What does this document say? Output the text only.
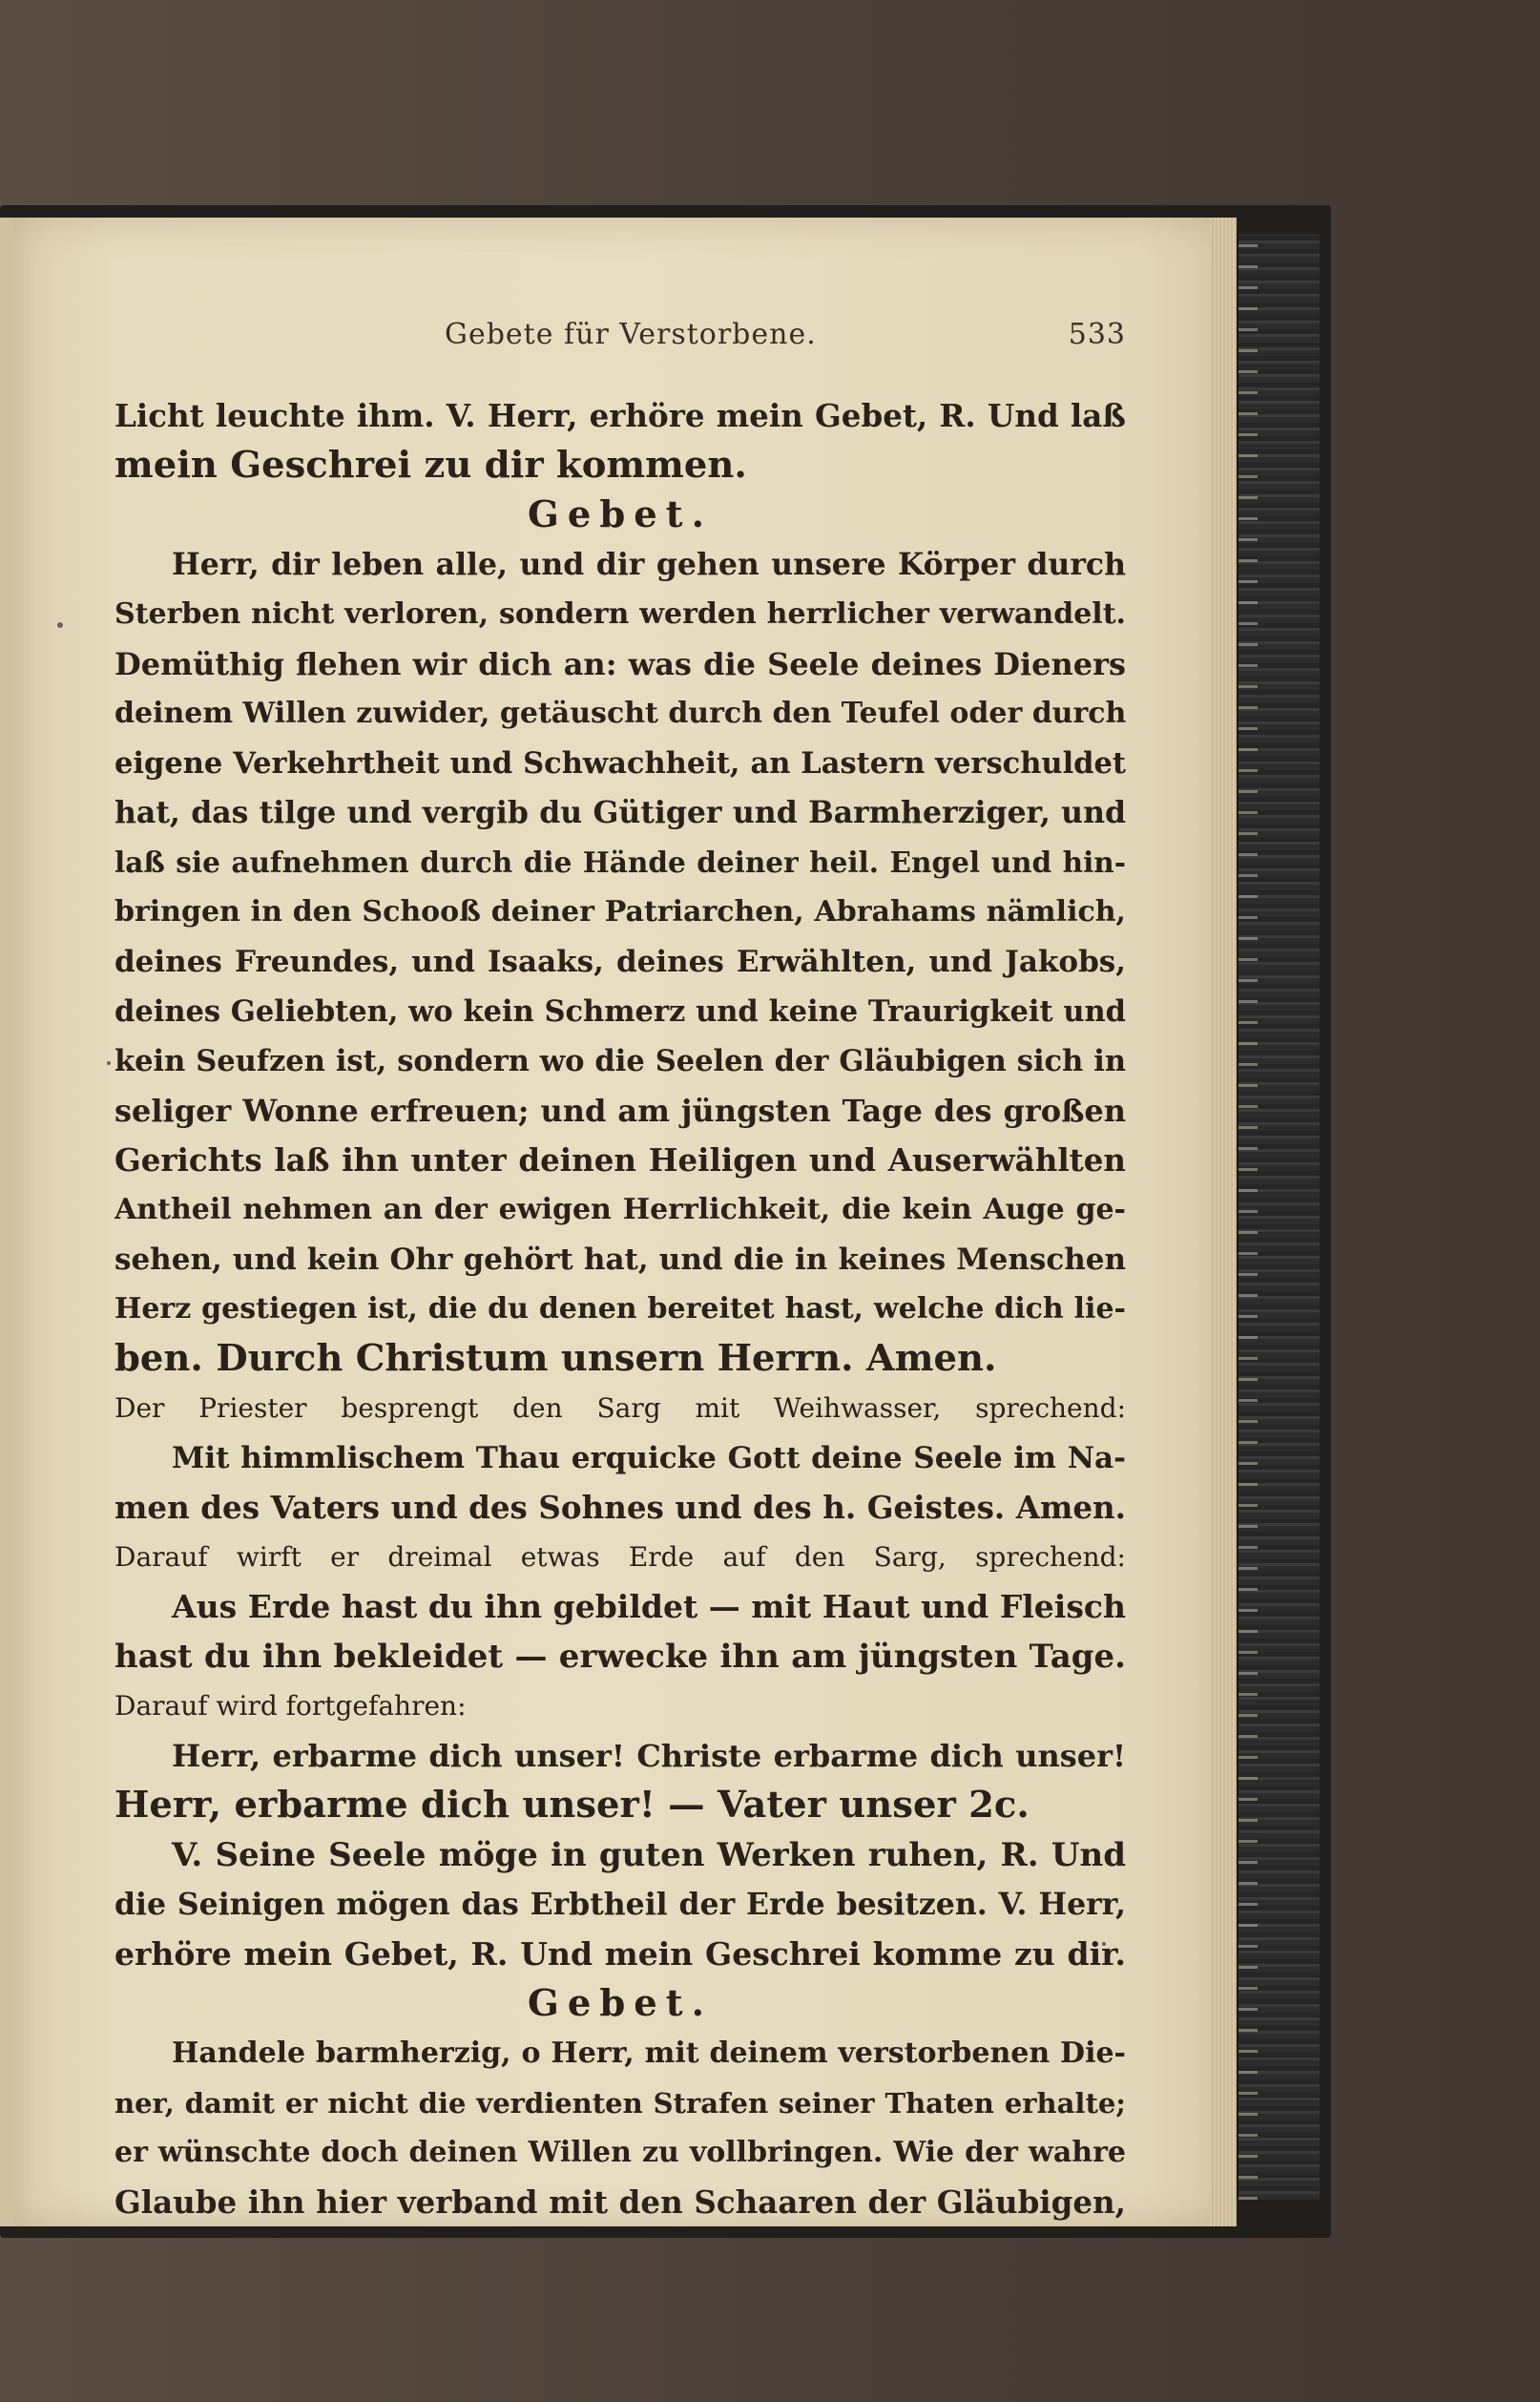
Gebete für Verstorbene.	533
Licht leuchte ihm. V. Herr, erhöre mein Gebet, R. Und laß
mein Geschrei zu dir kommen.
Gebet.
Herr, dir leben alle, und dir gehen unsere Körper durch
Sterben nicht verloren, sondern werden herrlicher verwandelt.
Demüthig flehen wir dich an: was die Seele deines Dieners
deinem Willen zuwider, getäuscht durch den Teufel oder durch
eigene Verkehrtheit und Schwachheit, an Lastern verschuldet
hat, das tilge und vergib du Gütiger und Barmherziger, und
laß sie aufnehmen durch die Hände deiner heil. Engel und hin-
bringen in den Schooß deiner Patriarchen, Abrahams nämlich,
deines Freundes, und Isaaks, deines Erwählten, und Jakobs,
deines Geliebten, wo kein Schmerz und keine Traurigkeit und
kein Seufzen ist, sondern wo die Seelen der Gläubigen sich in
seliger Wonne erfreuen; und am jüngsten Tage des großen
Gerichts laß ihn unter deinen Heiligen und Auserwählten
Antheil nehmen an der ewigen Herrlichkeit, die kein Auge ge-
sehen, und kein Ohr gehört hat, und die in keines Menschen
Herz gestiegen ist, die du denen bereitet hast, welche dich lie-
ben. Durch Christum unsern Herrn. Amen.
Der Priester besprengt den Sarg mit Weihwasser, sprechend:
Mit himmlischem Thau erquicke Gott deine Seele im Na-
men des Vaters und des Sohnes und des h. Geistes. Amen.
Darauf wirft er dreimal etwas Erde auf den Sarg, sprechend:
Aus Erde hast du ihn gebildet — mit Haut und Fleisch
hast du ihn bekleidet — erwecke ihn am jüngsten Tage.
Darauf wird fortgefahren:
Herr, erbarme dich unser! Christe erbarme dich unser!
Herr, erbarme dich unser! — Vater unser 2c.
V. Seine Seele möge in guten Werken ruhen, R. Und
die Seinigen mögen das Erbtheil der Erde besitzen. V. Herr,
erhöre mein Gebet, R. Und mein Geschrei komme zu dir.
Gebet.
Handele barmherzig, o Herr, mit deinem verstorbenen Die-
ner, damit er nicht die verdienten Strafen seiner Thaten erhalte;
er wünschte doch deinen Willen zu vollbringen. Wie der wahre
Glaube ihn hier verband mit den Schaaren der Gläubigen,
